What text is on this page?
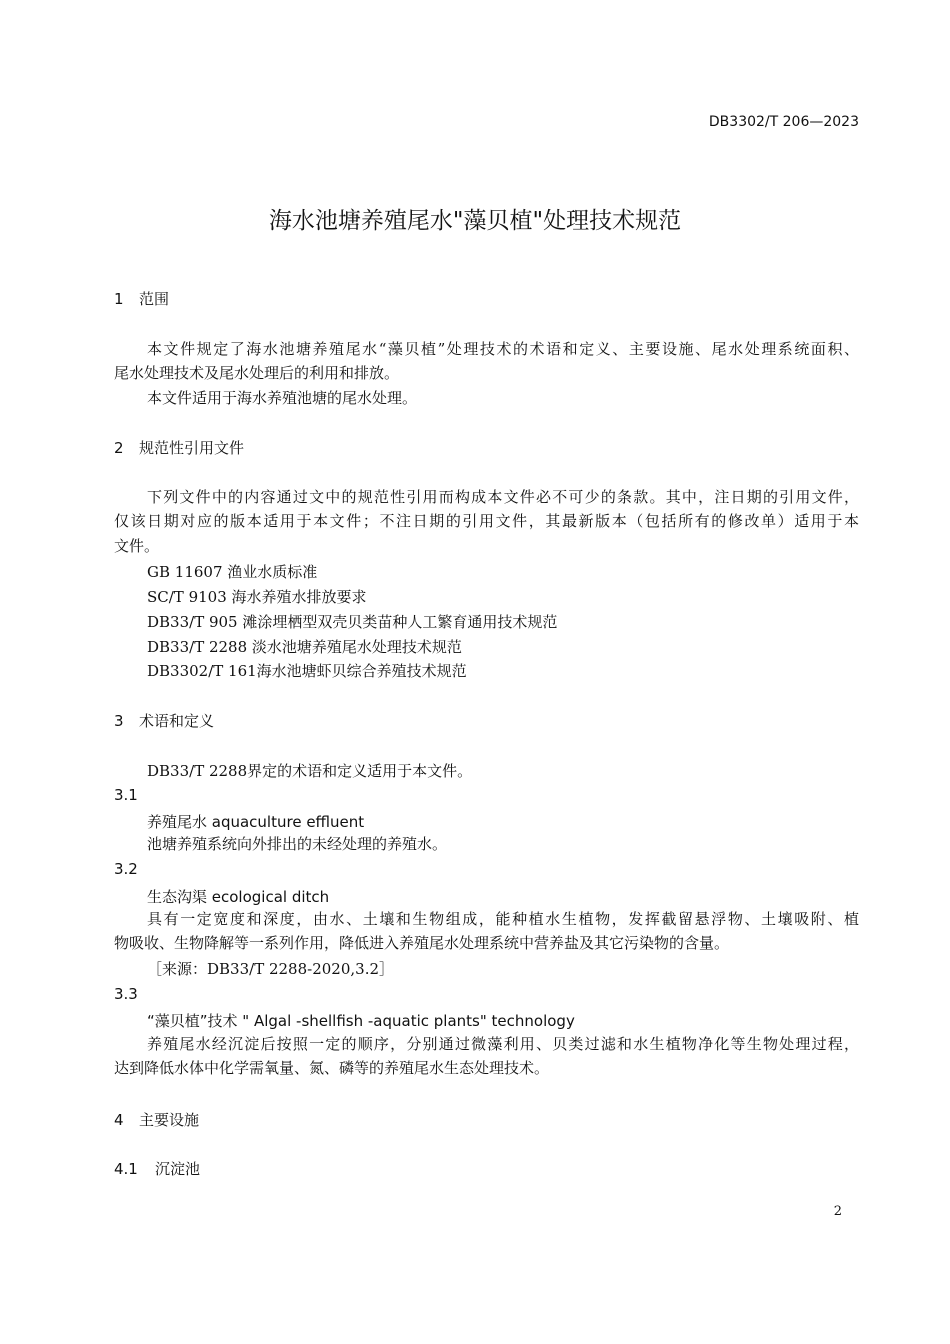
DB3302/T 206—2023
海水池塘养殖尾水"藻贝植"处理技术规范
1 范围
本文件规定了海水池塘养殖尾水“藻贝植”处理技术的术语和定义、主要设施、尾水处理系统面积、
尾水处理技术及尾水处理后的利用和排放。
本文件适用于海水养殖池塘的尾水处理。
2 规范性引用文件
下列文件中的内容通过文中的规范性引用而构成本文件必不可少的条款。其中，注日期的引用文件，
仅该日期对应的版本适用于本文件；不注日期的引用文件，其最新版本（包括所有的修改单）适用于本
文件。
GB 11607 渔业水质标准
SC/T 9103 海水养殖水排放要求
DB33/T 905 滩涂埋栖型双壳贝类苗种人工繁育通用技术规范
DB33/T 2288 淡水池塘养殖尾水处理技术规范
DB3302/T 161海水池塘虾贝综合养殖技术规范
3 术语和定义
DB33/T 2288界定的术语和定义适用于本文件。
3.1
养殖尾水 aquaculture effluent
池塘养殖系统向外排出的未经处理的养殖水。
3.2
生态沟渠 ecological ditch
具有一定宽度和深度，由水、土壤和生物组成，能种植水生植物，发挥截留悬浮物、土壤吸附、植
物吸收、生物降解等一系列作用，降低进入养殖尾水处理系统中营养盐及其它污染物的含量。
［来源：DB33/T 2288-2020,3.2］
3.3
“藻贝植”技术 " Algal -shellfish -aquatic plants" technology
养殖尾水经沉淀后按照一定的顺序，分别通过微藻利用、贝类过滤和水生植物净化等生物处理过程，
达到降低水体中化学需氧量、氮、磷等的养殖尾水生态处理技术。
4 主要设施
4.1 沉淀池
2
